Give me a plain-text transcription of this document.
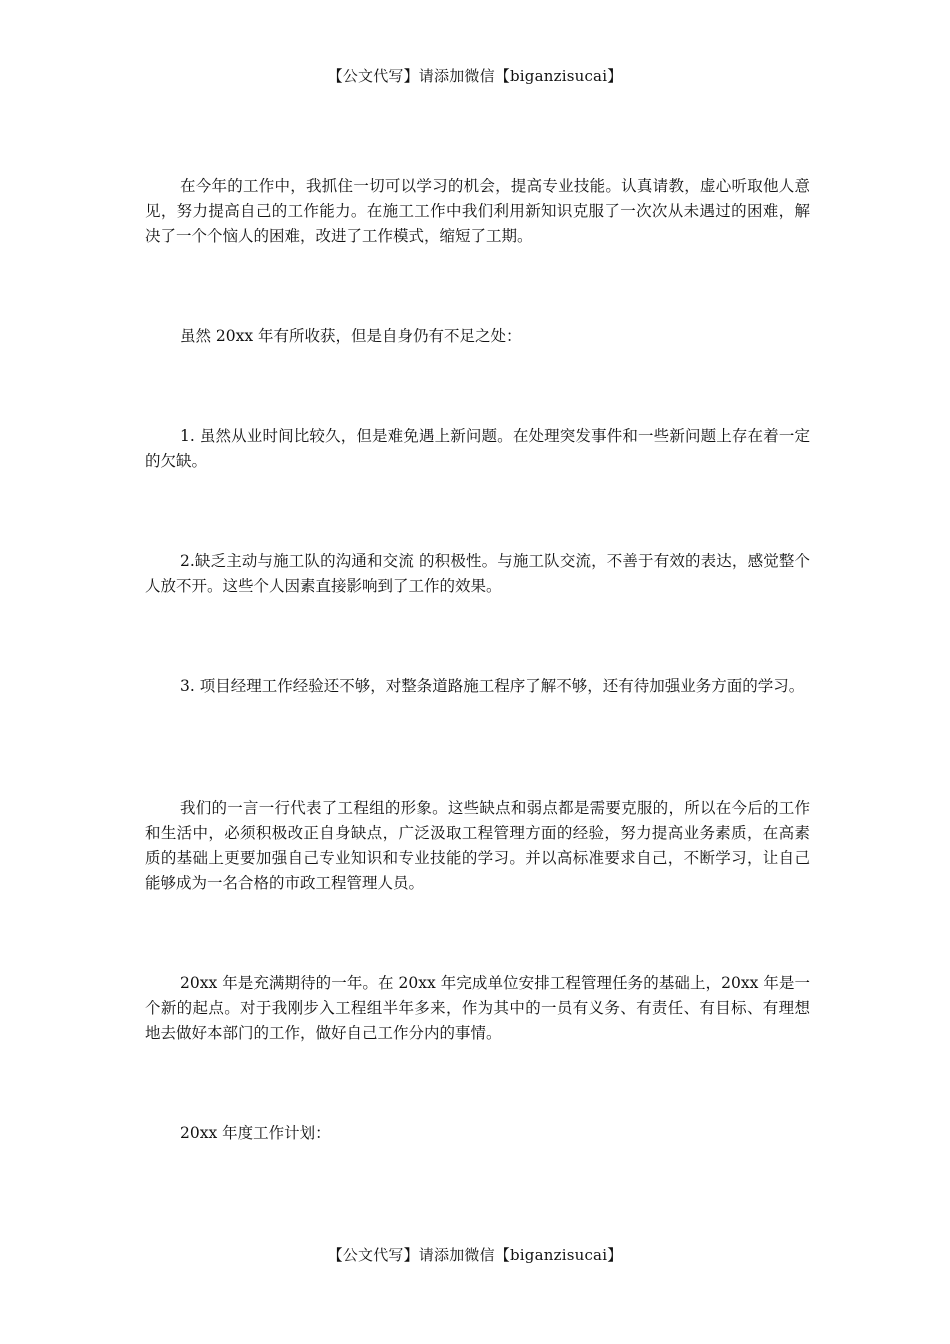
【公文代写】请添加微信【biganzisucai】

在今年的工作中，我抓住一切可以学习的机会，提高专业技能。认真请教，虚心听取他人意见，努力提高自己的工作能力。在施工工作中我们利用新知识克服了一次次从未遇过的困难，解决了一个个恼人的困难，改进了工作模式，缩短了工期。

虽然 20xx 年有所收获，但是自身仍有不足之处：

1. 虽然从业时间比较久，但是难免遇上新问题。在处理突发事件和一些新问题上存在着一定的欠缺。

2.缺乏主动与施工队的沟通和交流 的积极性。与施工队交流，不善于有效的表达，感觉整个人放不开。这些个人因素直接影响到了工作的效果。

3. 项目经理工作经验还不够，对整条道路施工程序了解不够，还有待加强业务方面的学习。

我们的一言一行代表了工程组的形象。这些缺点和弱点都是需要克服的，所以在今后的工作和生活中，必须积极改正自身缺点，广泛汲取工程管理方面的经验，努力提高业务素质，在高素质的基础上更要加强自己专业知识和专业技能的学习。并以高标准要求自己，不断学习，让自己能够成为一名合格的市政工程管理人员。

20xx 年是充满期待的一年。在 20xx 年完成单位安排工程管理任务的基础上，20xx 年是一个新的起点。对于我刚步入工程组半年多来，作为其中的一员有义务、有责任、有目标、有理想地去做好本部门的工作，做好自己工作分内的事情。

20xx 年度工作计划：

【公文代写】请添加微信【biganzisucai】
